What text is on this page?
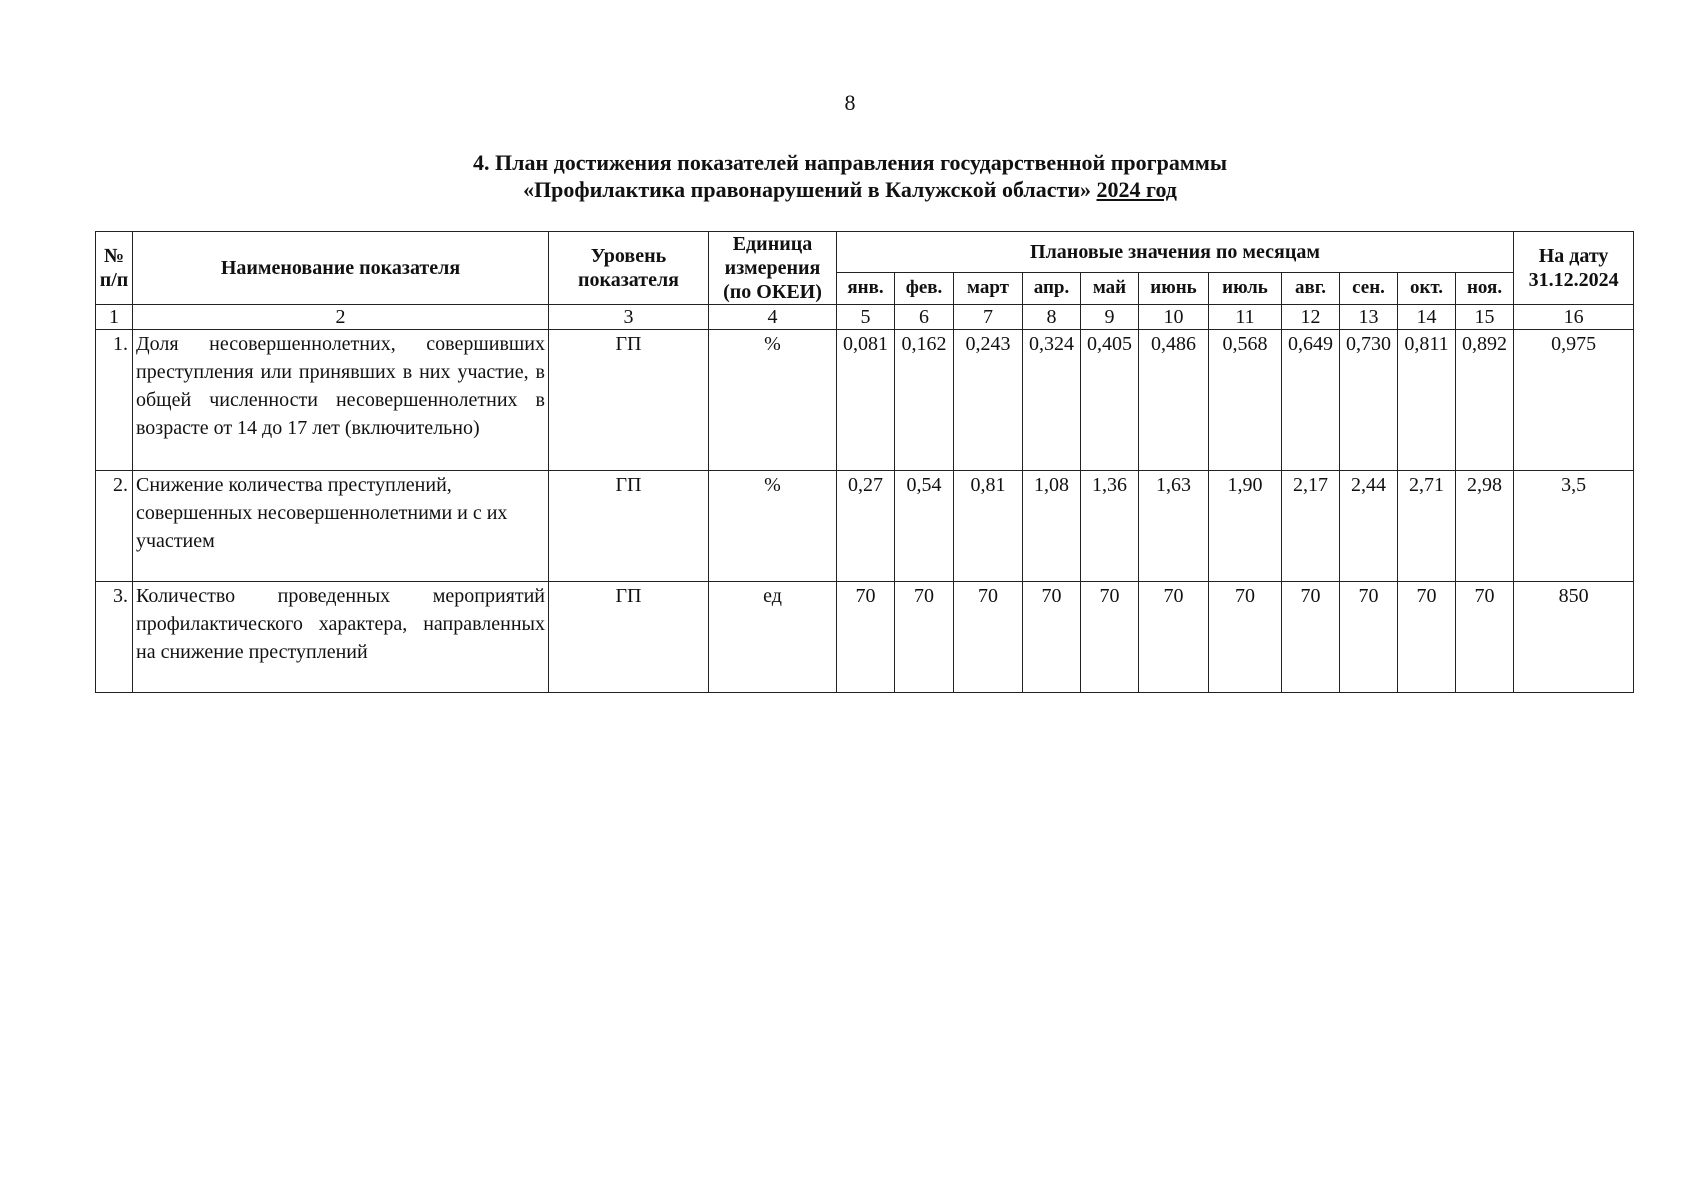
8
4. План достижения показателей направления государственной программы
«Профилактика правонарушений в Калужской области» 2024 год
№ п/п	Наименование показателя	Уровень показателя	Единица измерения (по ОКЕИ)	Плановые значения по месяцам											На дату 31.12.2024
				янв.	фев.	март	апр.	май	июнь	июль	авг.	сен.	окт.	ноя.	
1	2	3	4	5	6	7	8	9	10	11	12	13	14	15	16
1.	Доля несовершеннолетних, совершивших преступления или принявших в них участие, в общей численности несовершеннолетних в возрасте от 14 до 17 лет (включительно)	ГП	%	0,081	0,162	0,243	0,324	0,405	0,486	0,568	0,649	0,730	0,811	0,892	0,975
2.	Снижение количества преступлений, совершенных несовершеннолетними и с их участием	ГП	%	0,27	0,54	0,81	1,08	1,36	1,63	1,90	2,17	2,44	2,71	2,98	3,5
3.	Количество проведенных мероприятий профилактического характера, направленных на снижение преступлений	ГП	ед	70	70	70	70	70	70	70	70	70	70	70	850
